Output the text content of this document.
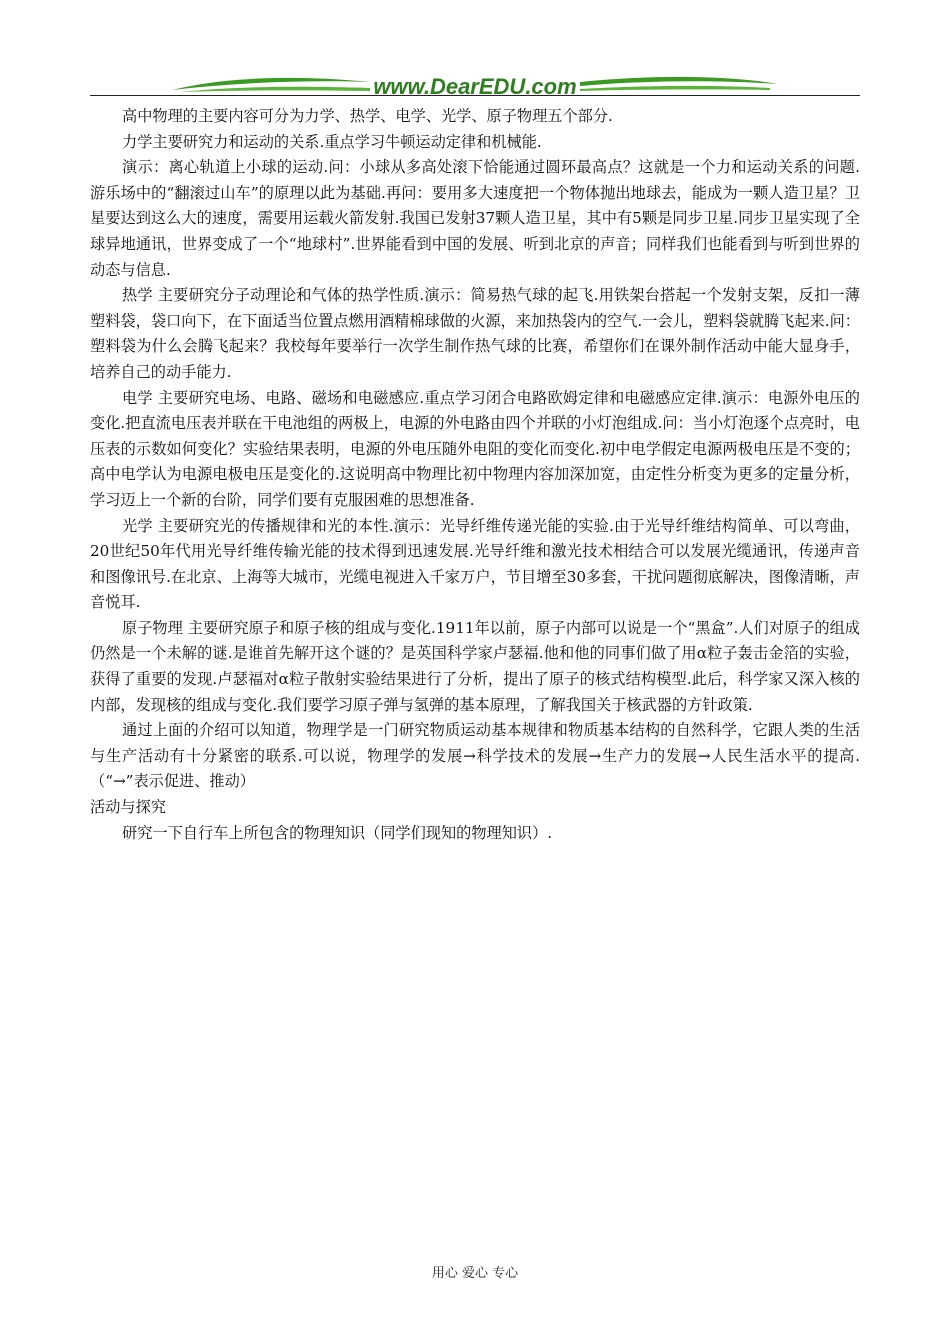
www.DearEDU.com

高中物理的主要内容可分为力学、热学、电学、光学、原子物理五个部分.

力学主要研究力和运动的关系.重点学习牛顿运动定律和机械能.

演示：离心轨道上小球的运动.问：小球从多高处滚下恰能通过圆环最高点？这就是一个力和运动关系的问题.游乐场中的“翻滚过山车”的原理以此为基础.再问：要用多大速度把一个物体抛出地球去，能成为一颗人造卫星？卫星要达到这么大的速度，需要用运载火箭发射.我国已发射37颗人造卫星，其中有5颗是同步卫星.同步卫星实现了全球异地通讯，世界变成了一个“地球村”.世界能看到中国的发展、听到北京的声音；同样我们也能看到与听到世界的动态与信息.

热学 主要研究分子动理论和气体的热学性质.演示：简易热气球的起飞.用铁架台搭起一个发射支架，反扣一薄塑料袋，袋口向下，在下面适当位置点燃用酒精棉球做的火源，来加热袋内的空气.一会儿，塑料袋就腾飞起来.问：塑料袋为什么会腾飞起来？我校每年要举行一次学生制作热气球的比赛，希望你们在课外制作活动中能大显身手，培养自己的动手能力.

电学 主要研究电场、电路、磁场和电磁感应.重点学习闭合电路欧姆定律和电磁感应定律.演示：电源外电压的变化.把直流电压表并联在干电池组的两极上，电源的外电路由四个并联的小灯泡组成.问：当小灯泡逐个点亮时，电压表的示数如何变化？实验结果表明，电源的外电压随外电阻的变化而变化.初中电学假定电源两极电压是不变的；高中电学认为电源电极电压是变化的.这说明高中物理比初中物理内容加深加宽，由定性分析变为更多的定量分析，学习迈上一个新的台阶，同学们要有克服困难的思想准备.

光学 主要研究光的传播规律和光的本性.演示：光导纤维传递光能的实验.由于光导纤维结构简单、可以弯曲，20世纪50年代用光导纤维传输光能的技术得到迅速发展.光导纤维和激光技术相结合可以发展光缆通讯，传递声音和图像讯号.在北京、上海等大城市，光缆电视进入千家万户，节目增至30多套，干扰问题彻底解决，图像清晰，声音悦耳.

原子物理 主要研究原子和原子核的组成与变化.1911年以前，原子内部可以说是一个“黑盒”.人们对原子的组成仍然是一个未解的谜.是谁首先解开这个谜的？是英国科学家卢瑟福.他和他的同事们做了用α粒子轰击金箔的实验，获得了重要的发现.卢瑟福对α粒子散射实验结果进行了分析，提出了原子的核式结构模型.此后，科学家又深入核的内部，发现核的组成与变化.我们要学习原子弹与氢弹的基本原理，了解我国关于核武器的方针政策.

通过上面的介绍可以知道，物理学是一门研究物质运动基本规律和物质基本结构的自然科学，它跟人类的生活与生产活动有十分紧密的联系.可以说，物理学的发展→科学技术的发展→生产力的发展→人民生活水平的提高.（“→”表示促进、推动）

活动与探究

研究一下自行车上所包含的物理知识（同学们现知的物理知识）.

用心 爱心 专心
